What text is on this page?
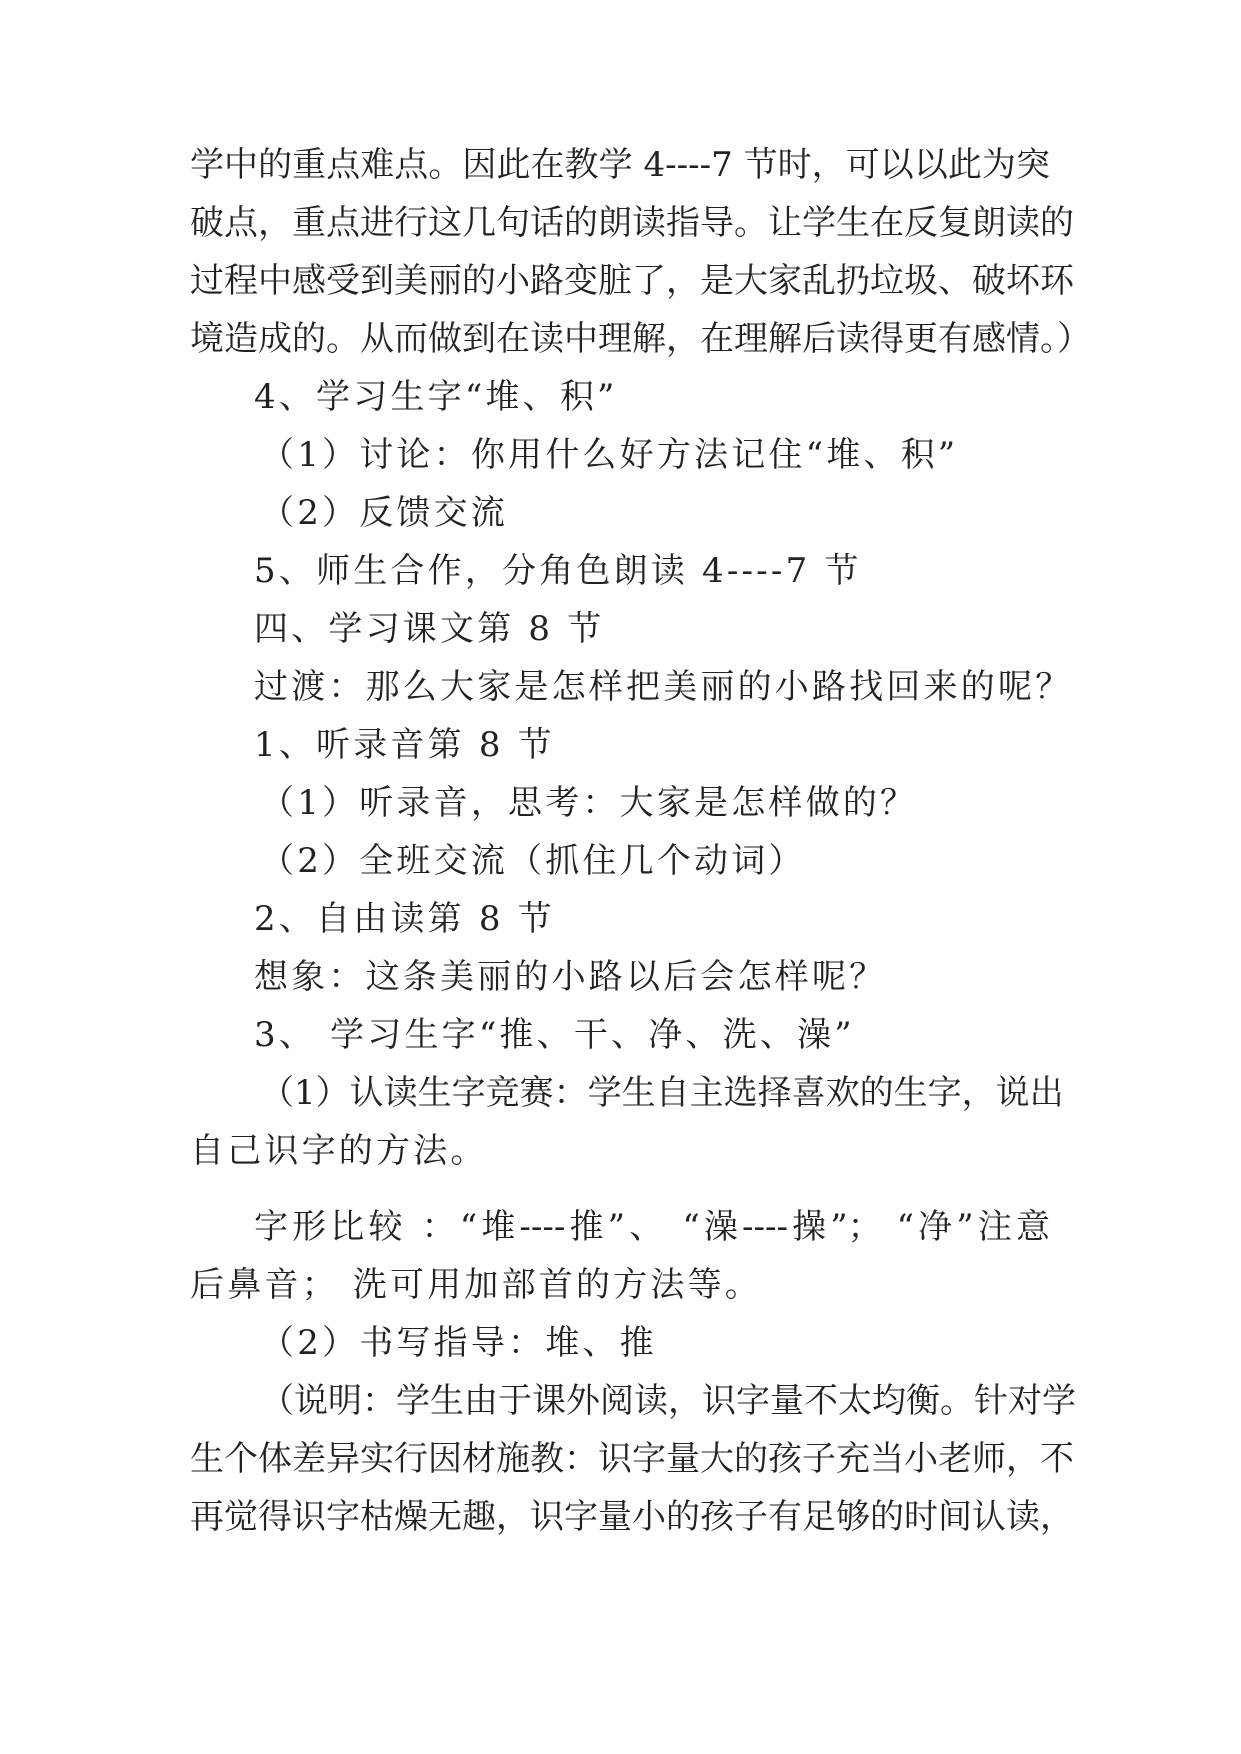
学中的重点难点。因此在教学 4----7 节时，可以以此为突
破点，重点进行这几句话的朗读指导。让学生在反复朗读的
过程中感受到美丽的小路变脏了，是大家乱扔垃圾、破坏环
境造成的。从而做到在读中理解，在理解后读得更有感情。）
4、学习生字“堆、积”
（1）讨论：你用什么好方法记住“堆、积”
（2）反馈交流
5、师生合作，分角色朗读 4----7 节
四、学习课文第 8 节
过渡：那么大家是怎样把美丽的小路找回来的呢？
1、听录音第 8 节
（1）听录音，思考：大家是怎样做的？
（2）全班交流（抓住几个动词）
2、自由读第 8 节
想象：这条美丽的小路以后会怎样呢？
3、 学习生字“推、干、净、洗、澡”
（1）认读生字竞赛：学生自主选择喜欢的生字，说出
自己识字的方法。
字形比较 ：“堆----推”、 “澡----操”； “净”注意
后鼻音； 洗可用加部首的方法等。
（2）书写指导：堆、推
（说明：学生由于课外阅读，识字量不太均衡。针对学
生个体差异实行因材施教：识字量大的孩子充当小老师，不
再觉得识字枯燥无趣，识字量小的孩子有足够的时间认读，
